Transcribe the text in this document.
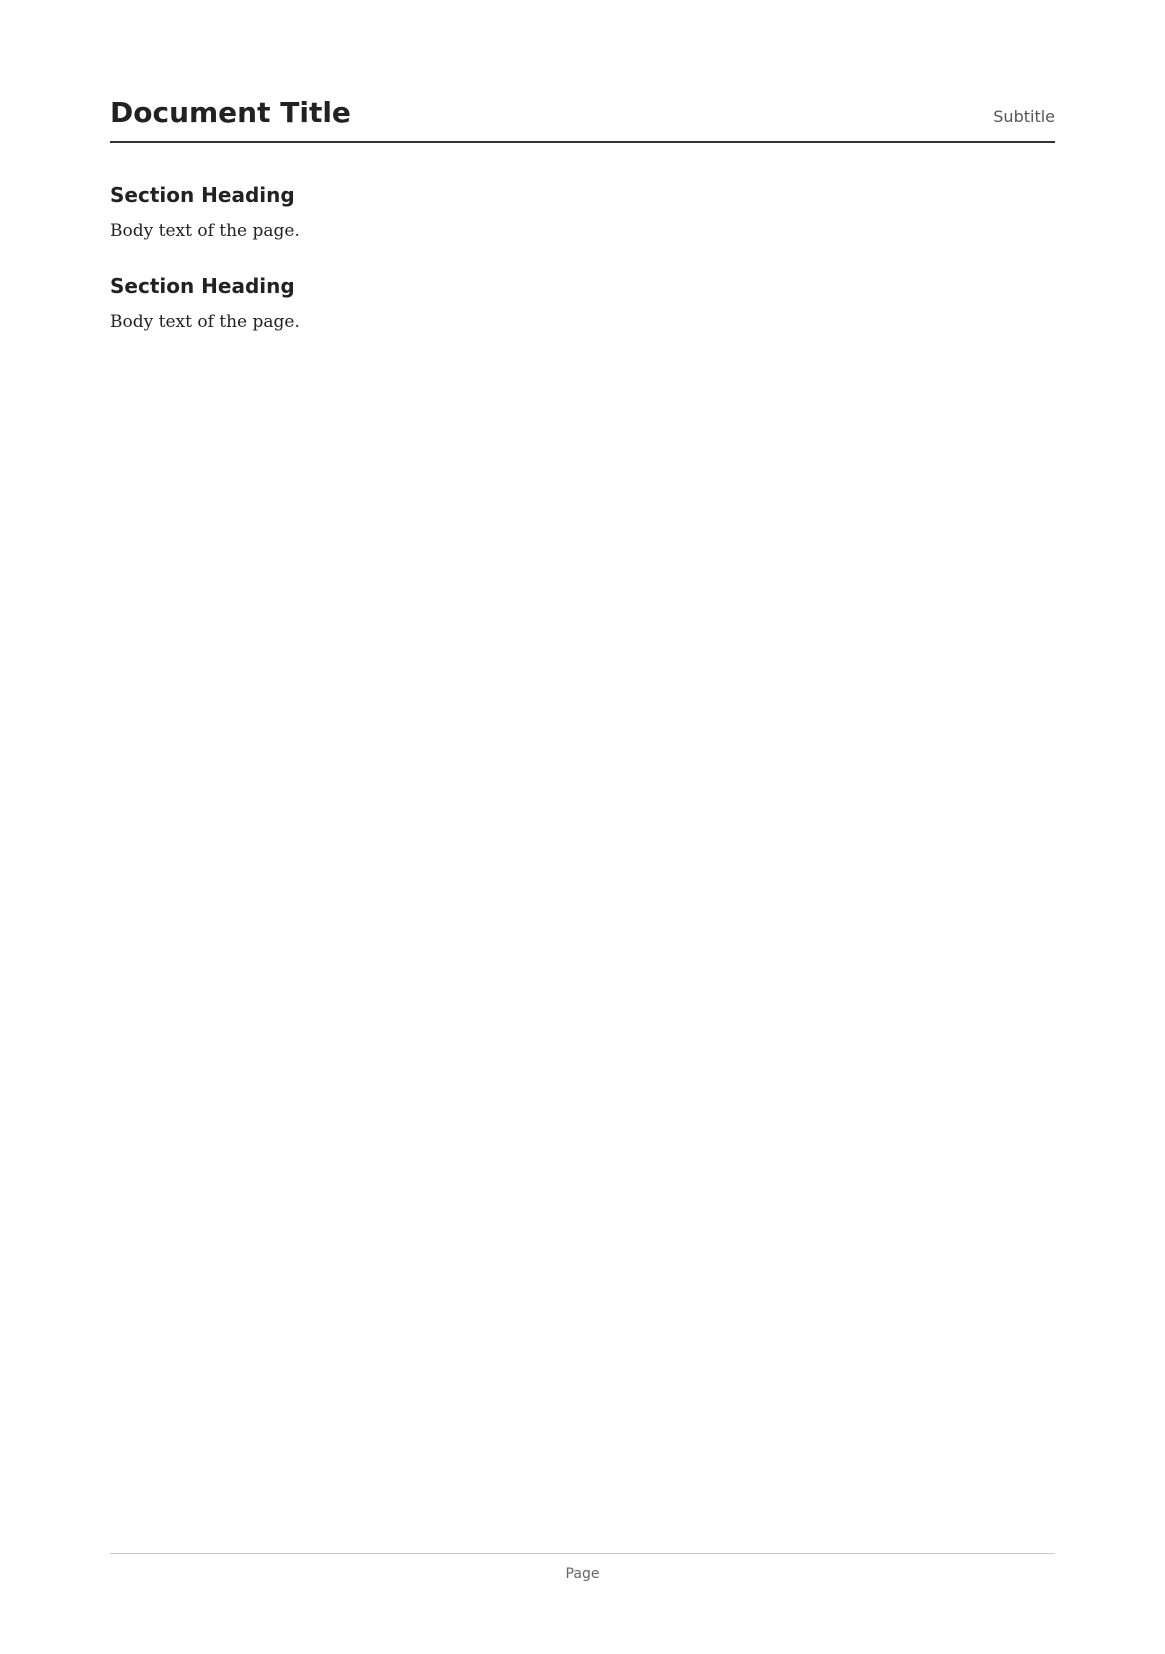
Document Title	Subtitle

Section Heading

Body text of the page.

Section Heading

Body text of the page.

Page
